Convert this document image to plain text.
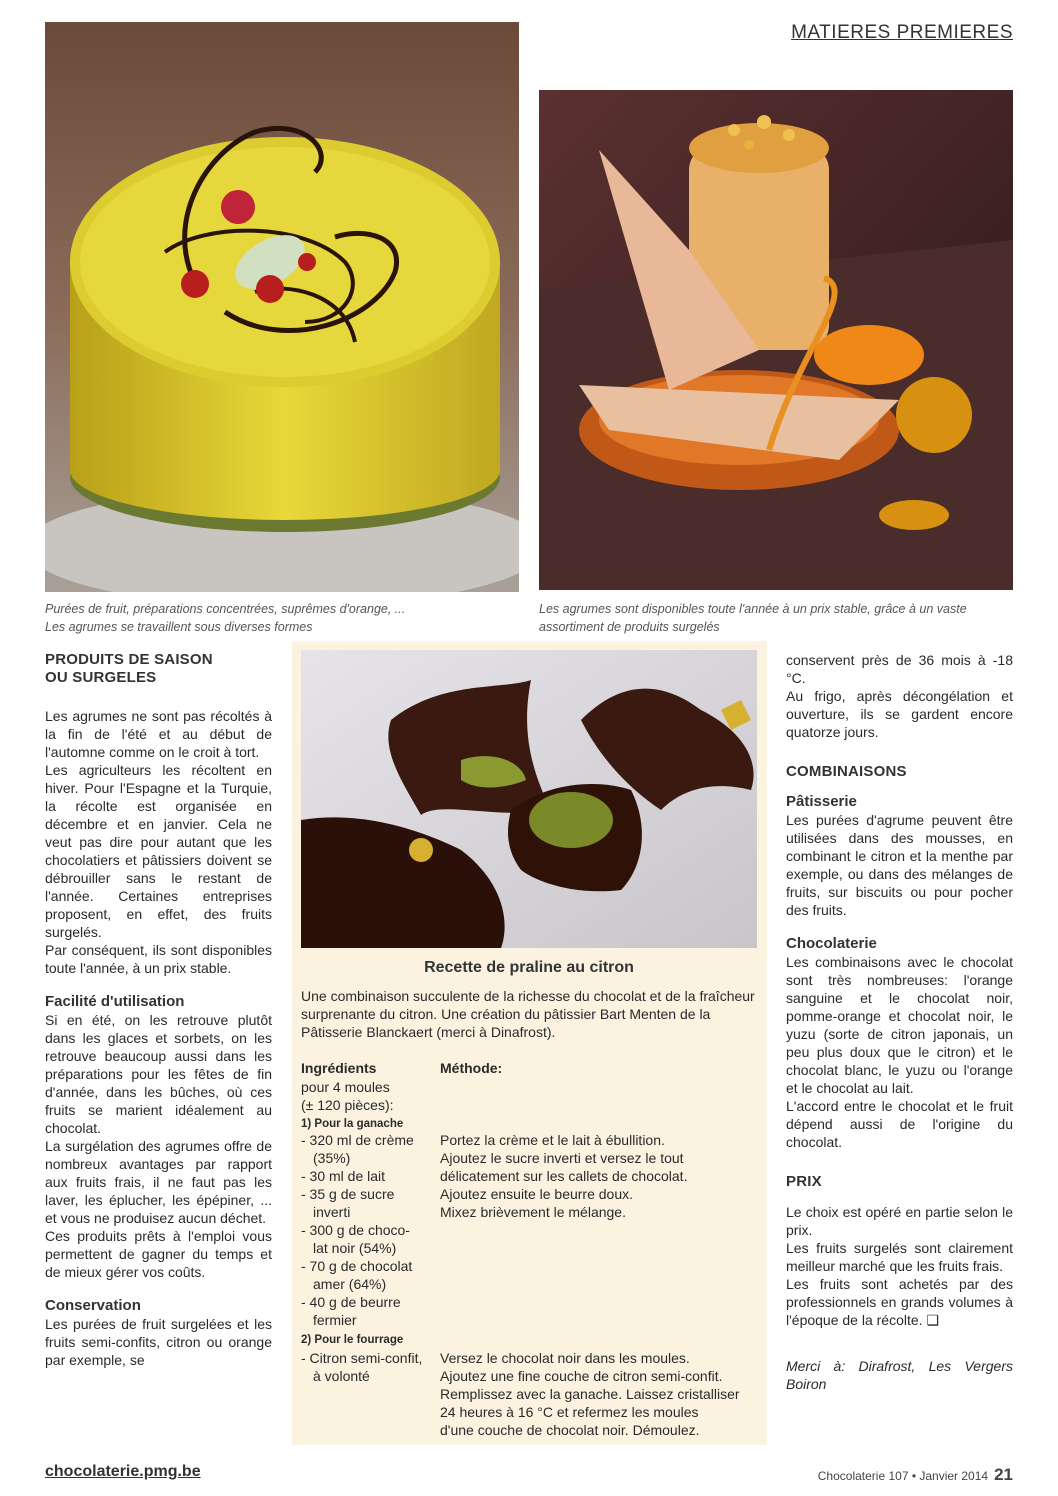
MATIERES PREMIERES
Purées de fruit, préparations concentrées, suprêmes d'orange, ...
Les agrumes se travaillent sous diverses formes
Les agrumes sont disponibles toute l'année à un prix stable, grâce à un vaste
assortiment de produits surgelés
PRODUITS DE SAISON
OU SURGELES

Les agrumes ne sont pas récoltés à la fin de l'été et au début de l'automne comme on le croit à tort.

Les agriculteurs les récoltent en hiver. Pour l'Espagne et la Turquie, la récolte est organisée en décembre et en janvier. Cela ne veut pas dire pour autant que les chocolatiers et pâtissiers doivent se débrouiller sans le restant de l'année. Certaines entreprises proposent, en effet, des fruits surgelés.

Par conséquent, ils sont disponibles toute l'année, à un prix stable.

Facilité d'utilisation

Si en été, on les retrouve plutôt dans les glaces et sorbets, on les retrouve beaucoup aussi dans les préparations pour les fêtes de fin d'année, dans les bûches, où ces fruits se marient idéalement au chocolat.

La surgélation des agrumes offre de nombreux avantages par rapport aux fruits frais, il ne faut pas les laver, les éplucher, les épépiner, ... et vous ne produisez aucun déchet.

Ces produits prêts à l'emploi vous permettent de gagner du temps et de mieux gérer vos coûts.

Conservation

Les purées de fruit surgelées et les fruits semi-confits, citron ou orange par exemple, se

Recette de praline au citron
Une combinaison succulente de la richesse du chocolat et de la fraîcheur surprenante du citron. Une création du pâtissier Bart Menten de la Pâtisserie Blanckaert (merci à Dinafrost).
Ingrédients	Méthode:
pour 4 moules
(± 120 pièces):
1) Pour la ganache
- 320 ml de crème
(35%)
- 30 ml de lait
- 35 g de sucre
inverti
- 300 g de choco-
lat noir (54%)
- 70 g de chocolat
amer (64%)
- 40 g de beurre
fermier
Portez la crème et le lait à ébullition.
Ajoutez le sucre inverti et versez le tout
délicatement sur les callets de chocolat.
Ajoutez ensuite le beurre doux.
Mixez brièvement le mélange.
2) Pour le fourrage
- Citron semi-confit,
à volonté
Versez le chocolat noir dans les moules.
Ajoutez une fine couche de citron semi-confit.
Remplissez avec la ganache. Laissez cristalliser
24 heures à 16 °C et refermez les moules
d'une couche de chocolat noir. Démoulez.

conservent près de 36 mois à -18 °C.

Au frigo, après décongélation et ouverture, ils se gardent encore quatorze jours.

COMBINAISONS
Pâtisserie

Les purées d'agrume peuvent être utilisées dans des mousses, en combinant le citron et la menthe par exemple, ou dans des mélanges de fruits, sur biscuits ou pour pocher des fruits.

Chocolaterie

Les combinaisons avec le chocolat sont très nombreuses: l'orange sanguine et le chocolat noir, pomme-orange et chocolat noir, le yuzu (sorte de citron japonais, un peu plus doux que le citron) et le chocolat blanc, le yuzu ou l'orange et le chocolat au lait.

L'accord entre le chocolat et le fruit dépend aussi de l'origine du chocolat.

PRIX

Le choix est opéré en partie selon le prix.

Les fruits surgelés sont clairement meilleur marché que les fruits frais.

Les fruits sont achetés par des professionnels en grands volumes à l'époque de la récolte. ❑

Merci à: Dirafrost, Les Vergers Boiron

chocolaterie.pmg.be	Chocolaterie 107 • Janvier 2014 21
